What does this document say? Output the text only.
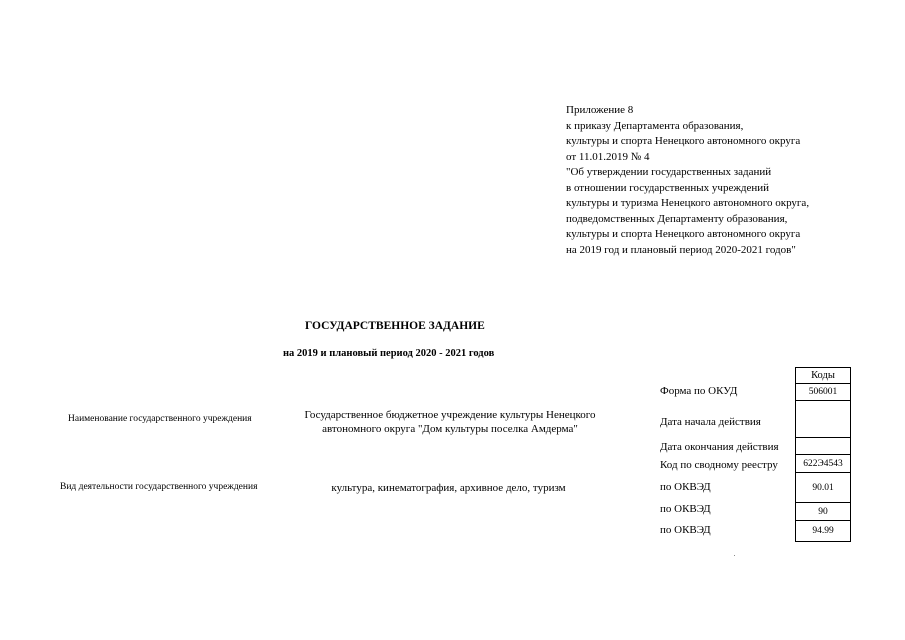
Приложение 8
к приказу Департамента образования,
культуры и спорта Ненецкого автономного округа
от 11.01.2019 № 4
"Об утверждении государственных заданий
в отношении государственных учреждений
культуры и туризма Ненецкого автономного округа,
подведомственных Департаменту образования,
культуры и спорта Ненецкого автономного округа
на 2019 год и плановый период 2020-2021 годов"
ГОСУДАРСТВЕННОЕ ЗАДАНИЕ
на 2019 и плановый период 2020 - 2021 годов
Наименование государственного учреждения	Государственное бюджетное учреждение культуры Ненецкого автономного округа "Дом культуры поселка Амдерма"
Вид деятельности государственного учреждения	культура, кинематография, архивное дело, туризм
Коды
Форма по ОКУД	506001
Дата начала действия
Дата окончания действия
Код по сводному реестру	622Э4543
по ОКВЭД	90.01
по ОКВЭД	90
по ОКВЭД	94.99
